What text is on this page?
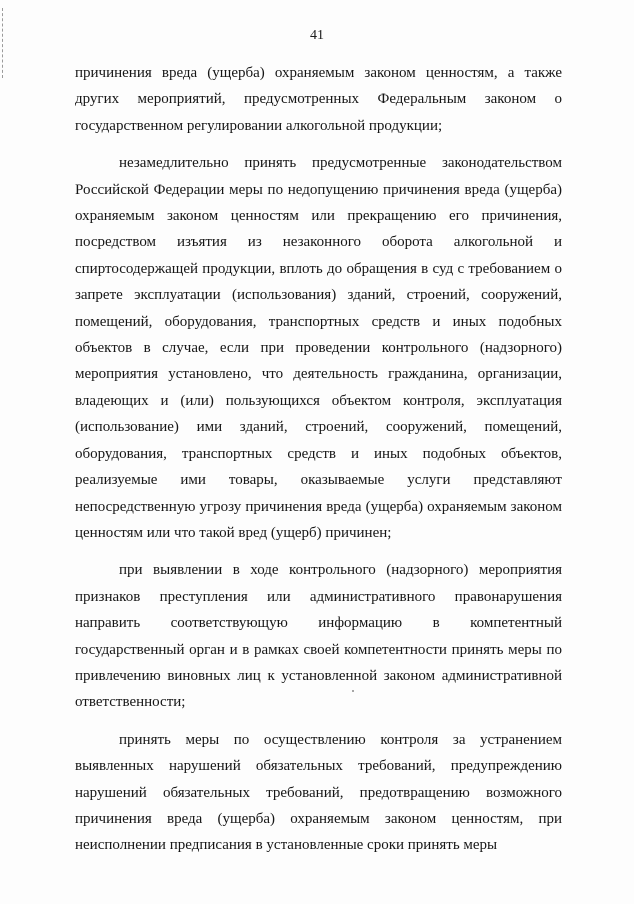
41

причинения вреда (ущерба) охраняемым законом ценностям, а также других мероприятий, предусмотренных Федеральным законом о государственном регулировании алкогольной продукции;

незамедлительно принять предусмотренные законодательством Российской Федерации меры по недопущению причинения вреда (ущерба) охраняемым законом ценностям или прекращению его причинения, посредством изъятия из незаконного оборота алкогольной и спиртосодержащей продукции, вплоть до обращения в суд с требованием о запрете эксплуатации (использования) зданий, строений, сооружений, помещений, оборудования, транспортных средств и иных подобных объектов в случае, если при проведении контрольного (надзорного) мероприятия установлено, что деятельность гражданина, организации, владеющих и (или) пользующихся объектом контроля, эксплуатация (использование) ими зданий, строений, сооружений, помещений, оборудования, транспортных средств и иных подобных объектов, реализуемые ими товары, оказываемые услуги представляют непосредственную угрозу причинения вреда (ущерба) охраняемым законом ценностям или что такой вред (ущерб) причинен;

при выявлении в ходе контрольного (надзорного) мероприятия признаков преступления или административного правонарушения направить соответствующую информацию в компетентный государственный орган и в рамках своей компетентности принять меры по привлечению виновных лиц к установленной законом административной ответственности;

принять меры по осуществлению контроля за устранением выявленных нарушений обязательных требований, предупреждению нарушений обязательных требований, предотвращению возможного причинения вреда (ущерба) охраняемым законом ценностям, при неисполнении предписания в установленные сроки принять меры
